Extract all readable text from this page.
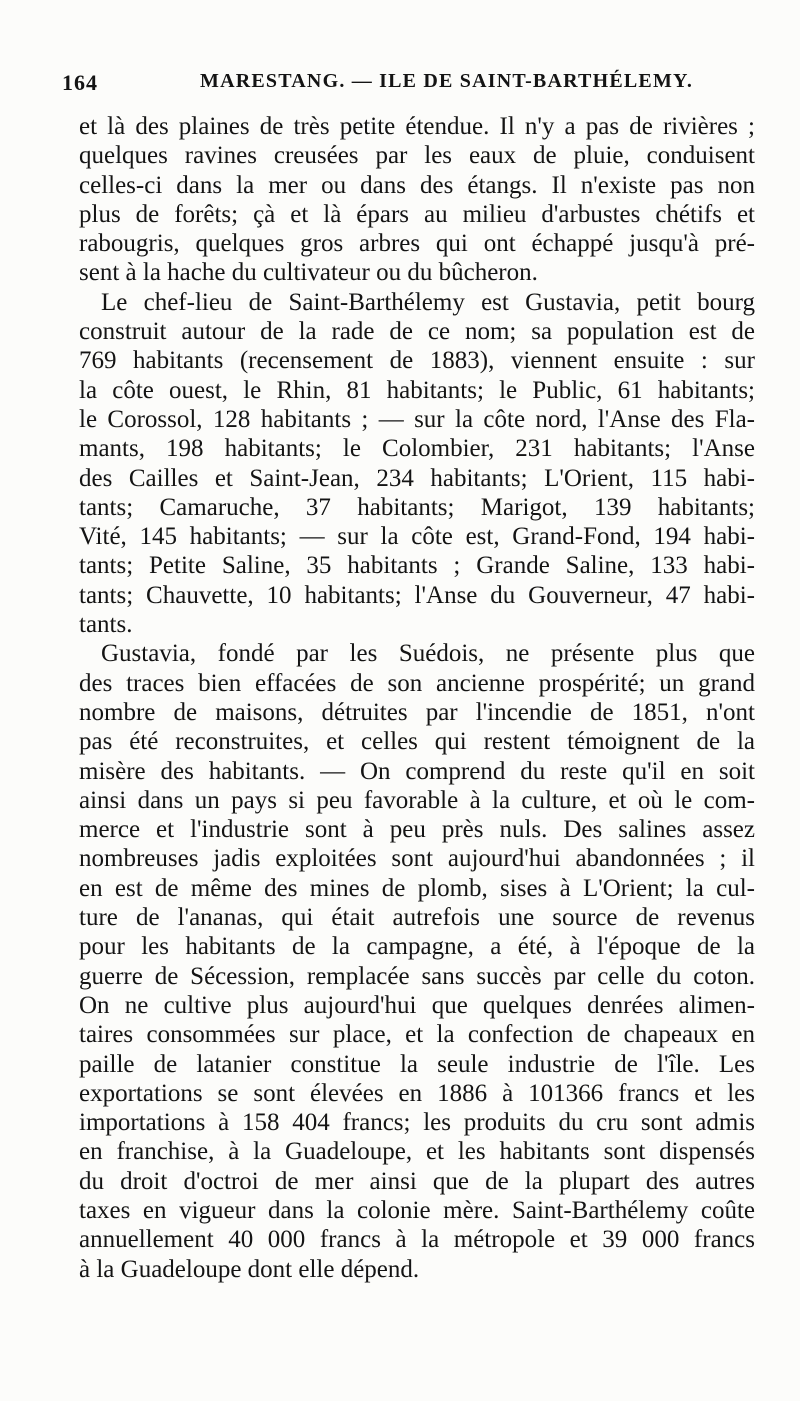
164	MARESTANG. — ILE DE SAINT-BARTHÉLEMY.
et là des plaines de très petite étendue. Il n'y a pas de rivières ;
quelques ravines creusées par les eaux de pluie, conduisent
celles-ci dans la mer ou dans des étangs. Il n'existe pas non
plus de forêts; çà et là épars au milieu d'arbustes chétifs et
rabougris, quelques gros arbres qui ont échappé jusqu'à pré-
sent à la hache du cultivateur ou du bûcheron.
Le chef-lieu de Saint-Barthélemy est Gustavia, petit bourg
construit autour de la rade de ce nom; sa population est de
769 habitants (recensement de 1883), viennent ensuite : sur
la côte ouest, le Rhin, 81 habitants; le Public, 61 habitants;
le Corossol, 128 habitants ; — sur la côte nord, l'Anse des Fla-
mants, 198 habitants; le Colombier, 231 habitants; l'Anse
des Cailles et Saint-Jean, 234 habitants; L'Orient, 115 habi-
tants; Camaruche, 37 habitants; Marigot, 139 habitants;
Vité, 145 habitants; — sur la côte est, Grand-Fond, 194 habi-
tants; Petite Saline, 35 habitants ; Grande Saline, 133 habi-
tants; Chauvette, 10 habitants; l'Anse du Gouverneur, 47 habi-
tants.
Gustavia, fondé par les Suédois, ne présente plus que
des traces bien effacées de son ancienne prospérité; un grand
nombre de maisons, détruites par l'incendie de 1851, n'ont
pas été reconstruites, et celles qui restent témoignent de la
misère des habitants. — On comprend du reste qu'il en soit
ainsi dans un pays si peu favorable à la culture, et où le com-
merce et l'industrie sont à peu près nuls. Des salines assez
nombreuses jadis exploitées sont aujourd'hui abandonnées ; il
en est de même des mines de plomb, sises à L'Orient; la cul-
ture de l'ananas, qui était autrefois une source de revenus
pour les habitants de la campagne, a été, à l'époque de la
guerre de Sécession, remplacée sans succès par celle du coton.
On ne cultive plus aujourd'hui que quelques denrées alimen-
taires consommées sur place, et la confection de chapeaux en
paille de latanier constitue la seule industrie de l'île. Les
exportations se sont élevées en 1886 à 101366 francs et les
importations à 158 404 francs; les produits du cru sont admis
en franchise, à la Guadeloupe, et les habitants sont dispensés
du droit d'octroi de mer ainsi que de la plupart des autres
taxes en vigueur dans la colonie mère. Saint-Barthélemy coûte
annuellement 40 000 francs à la métropole et 39 000 francs
à la Guadeloupe dont elle dépend.
